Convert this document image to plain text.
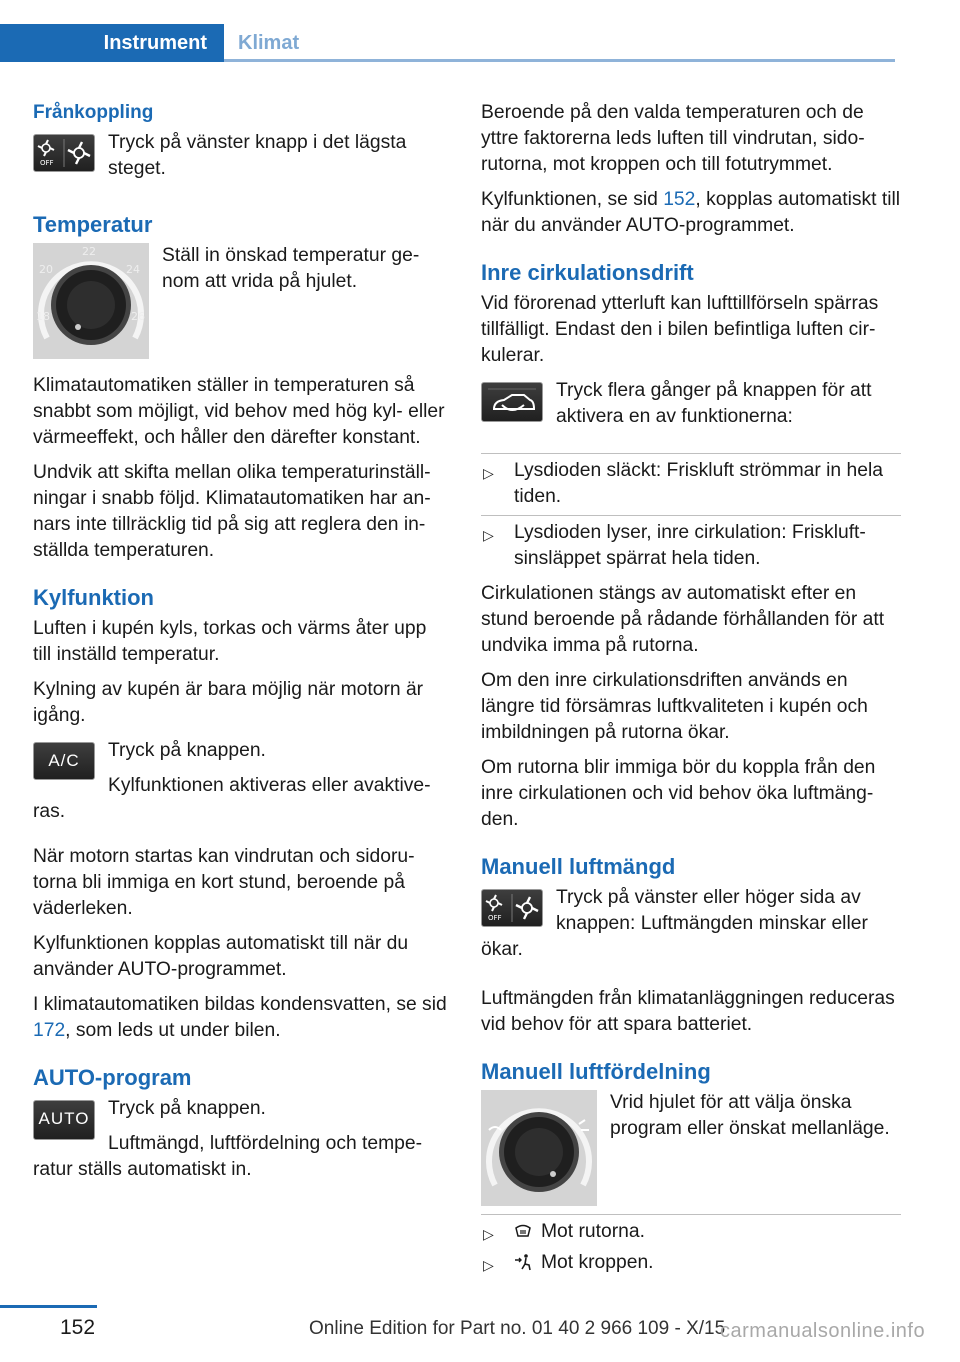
Instrument	Klimat
Frånkoppling
OFF

Tryck på vänster knapp i det lägsta steget.

Temperatur
22
20	24
18	26

Ställ in önskad temperatur genom att vrida på hjulet.

Klimatautomatiken ställer in temperaturen så snabbt som möjligt, vid behov med hög kyl- eller värmeeffekt, och håller den därefter konstant.

Undvik att skifta mellan olika temperaturinställningar i snabb följd. Klimatautomatiken har annars inte tillräcklig tid på sig att reglera den inställda temperaturen.

Kylfunktion

Luften i kupén kyls, torkas och värms åter upp till inställd temperatur.

Kylning av kupén är bara möjlig när motorn är igång.

A/C	Tryck på knappen.

Kylfunktionen aktiveras eller avaktiveras.

När motorn startas kan vindrutan och sidorutorna bli immiga en kort stund, beroende på väderleken.

Kylfunktionen kopplas automatiskt till när du använder AUTO-programmet.

I klimatautomatiken bildas kondensvatten, se sid 172, som leds ut under bilen.

AUTO-program
AUTO Tryck på knappen.

Luftmängd, luftfördelning och temperatur ställs automatiskt in.

Beroende på den valda temperaturen och de yttre faktorerna leds luften till vindrutan, sidorutorna, mot kroppen och till fotutrymmet.

Kylfunktionen, se sid 152, kopplas automatiskt till när du använder AUTO-programmet.

Inre cirkulationsdrift

Vid förorenad ytterluft kan lufttillförseln spärras tillfälligt. Endast den i bilen befintliga luften cirkulerar.

Tryck flera gånger på knappen för att aktivera en av funktionerna:

▷ Lysdioden släckt: Friskluft strömmar in hela tiden.
▷ Lysdioden lyser, inre cirkulation: Friskluftsinsläppet spärrat hela tiden.

Cirkulationen stängs av automatiskt efter en stund beroende på rådande förhållanden för att undvika imma på rutorna.

Om den inre cirkulationsdriften används en längre tid försämras luftkvaliteten i kupén och imbildningen på rutorna ökar.

Om rutorna blir immiga bör du koppla från den inre cirkulationen och vid behov öka luftmängden.

Manuell luftmängd
OFF

Tryck på vänster eller höger sida av knappen: Luftmängden minskar eller ökar.

Luftmängden från klimatanläggningen reduceras vid behov för att spara batteriet.

Manuell luftfördelning

Vrid hjulet för att välja önska program eller önskat mellanläge.

▷ Mot rutorna.
▷ Mot kroppen.
152	Online Edition for Part no. 01 40 2 966 109 - X/15
carmanualsonline.info
